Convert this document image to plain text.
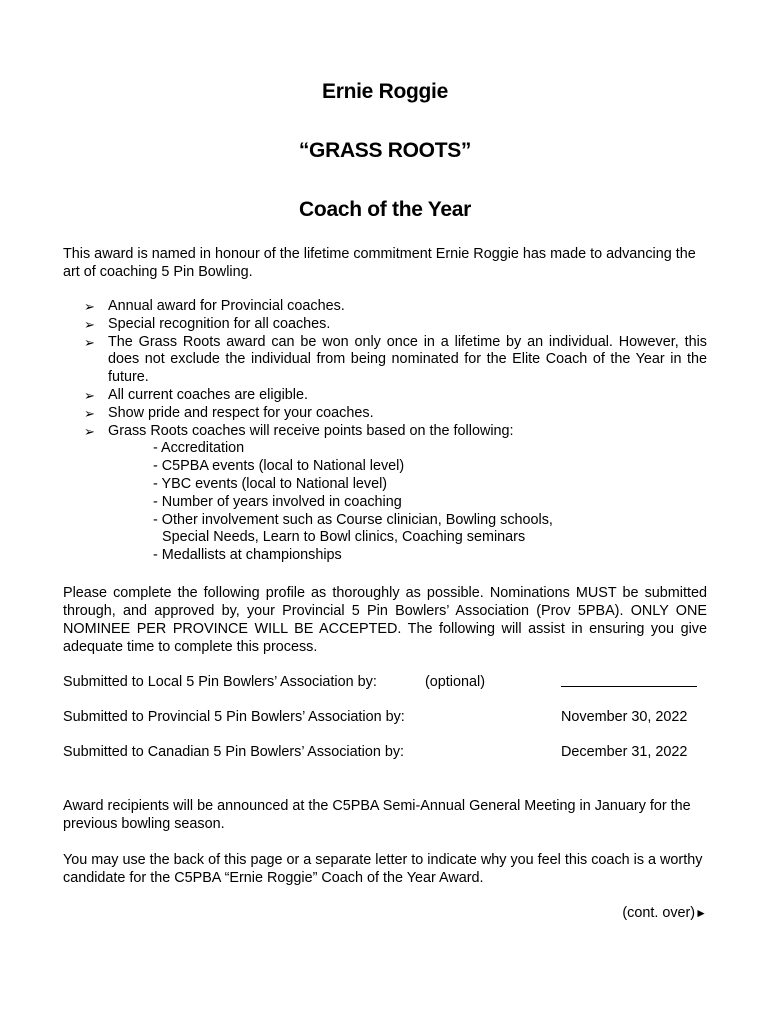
Ernie Roggie
“GRASS ROOTS”
Coach of the Year
This award is named in honour of the lifetime commitment Ernie Roggie has made to advancing the art of coaching 5 Pin Bowling.
➢ Annual award for Provincial coaches.
➢ Special recognition for all coaches.
➢ The Grass Roots award can be won only once in a lifetime by an individual. However, this does not exclude the individual from being nominated for the Elite Coach of the Year in the future.
➢ All current coaches are eligible.
➢ Show pride and respect for your coaches.
➢ Grass Roots coaches will receive points based on the following:
- Accreditation
- C5PBA events (local to National level)
- YBC events (local to National level)
- Number of years involved in coaching
- Other involvement such as Course clinician, Bowling schools,
Special Needs, Learn to Bowl clinics, Coaching seminars
- Medallists at championships
Please complete the following profile as thoroughly as possible. Nominations MUST be submitted through, and approved by, your Provincial 5 Pin Bowlers’ Association (Prov 5PBA). ONLY ONE NOMINEE PER PROVINCE WILL BE ACCEPTED. The following will assist in ensuring you give adequate time to complete this process.
Submitted to Local 5 Pin Bowlers’ Association by:	(optional)
Submitted to Provincial 5 Pin Bowlers’ Association by:	November 30, 2022
Submitted to Canadian 5 Pin Bowlers’ Association by:	December 31, 2022
Award recipients will be announced at the C5PBA Semi-Annual General Meeting in January for the previous bowling season.
You may use the back of this page or a separate letter to indicate why you feel this coach is a worthy candidate for the C5PBA “Ernie Roggie” Coach of the Year Award.
(cont. over)►
